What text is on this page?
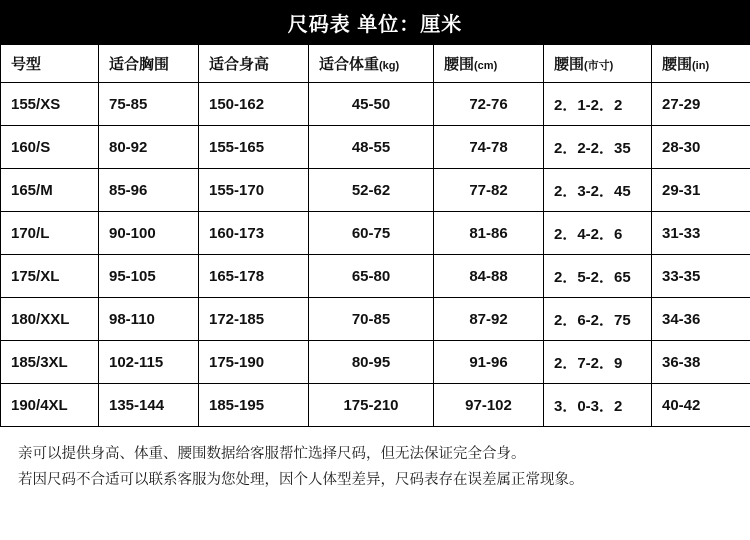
尺码表 单位：厘米
号型	适合胸围	适合身高	适合体重(kg)	腰围(cm)	腰围(市寸)	腰围(in)
155/XS	75-85	150-162	45-50	72-76	2．1-2．2	27-29
160/S	80-92	155-165	48-55	74-78	2．2-2．35	28-30
165/M	85-96	155-170	52-62	77-82	2．3-2．45	29-31
170/L	90-100	160-173	60-75	81-86	2．4-2．6	31-33
175/XL	95-105	165-178	65-80	84-88	2．5-2．65	33-35
180/XXL	98-110	172-185	70-85	87-92	2．6-2．75	34-36
185/3XL	102-115	175-190	80-95	91-96	2．7-2．9	36-38
190/4XL	135-144	185-195	175-210	97-102	3．0-3．2	40-42

亲可以提供身高、体重、腰围数据给客服帮忙选择尺码，但无法保证完全合身。

若因尺码不合适可以联系客服为您处理，因个人体型差异，尺码表存在误差属正常现象。
